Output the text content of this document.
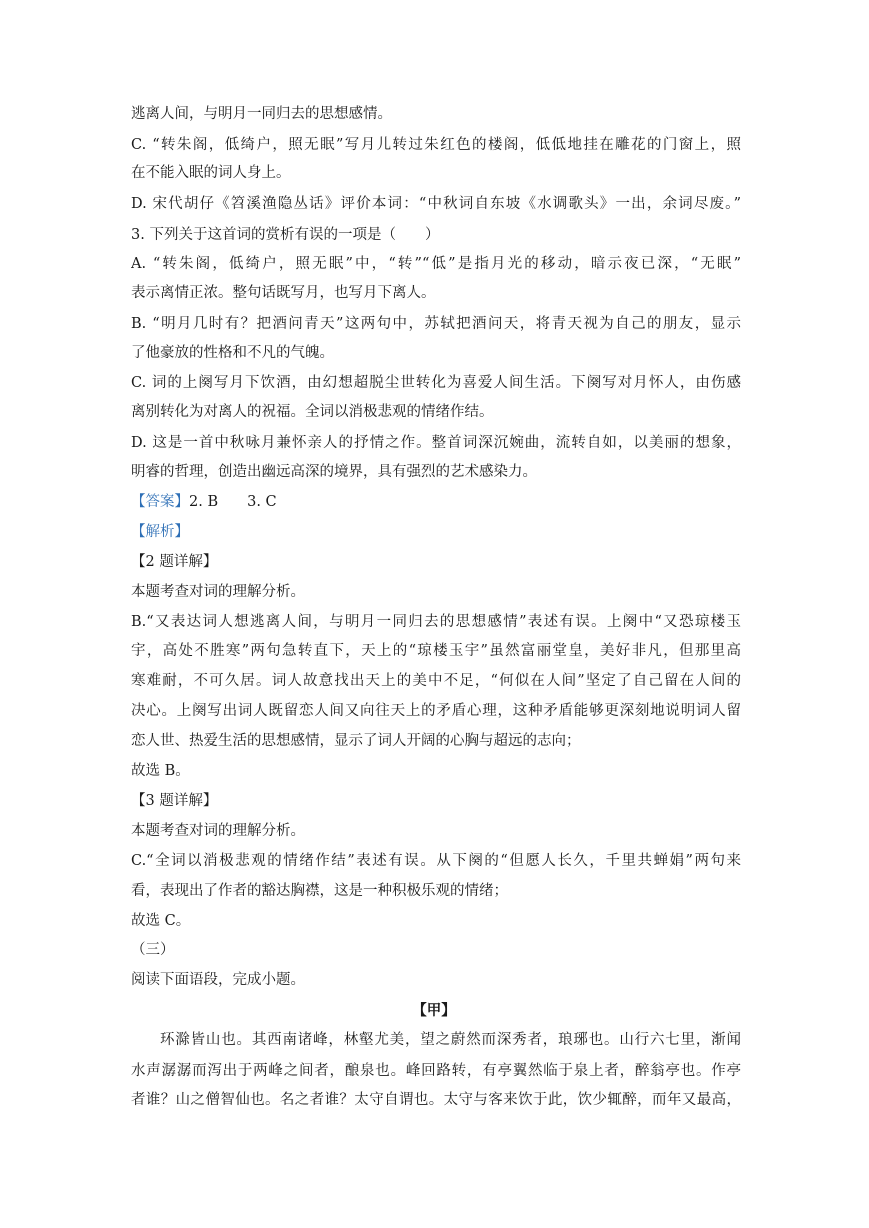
逃离人间，与明月一同归去的思想感情。
C. “转朱阁，低绮户，照无眠”写月儿转过朱红色的楼阁，低低地挂在雕花的门窗上，照
在不能入眠的词人身上。
D. 宋代胡仔《笤溪渔隐丛话》评价本词：“中秋词自东坡《水调歌头》一出，余词尽废。”
3. 下列关于这首词的赏析有误的一项是（　　）
A. “转朱阁，低绮户，照无眠”中，“转”“低”是指月光的移动，暗示夜已深，“无眠”
表示离情正浓。整句话既写月，也写月下离人。
B. “明月几时有？把酒问青天”这两句中，苏轼把酒问天，将青天视为自己的朋友，显示
了他豪放的性格和不凡的气魄。
C. 词的上阕写月下饮酒，由幻想超脱尘世转化为喜爱人间生活。下阕写对月怀人，由伤感
离别转化为对离人的祝福。全词以消极悲观的情绪作结。
D. 这是一首中秋咏月兼怀亲人的抒情之作。整首词深沉婉曲，流转自如，以美丽的想象，
明睿的哲理，创造出幽远高深的境界，具有强烈的艺术感染力。
【答案】2. B　　3. C
【解析】
【2 题详解】
本题考查对词的理解分析。
B.“又表达词人想逃离人间，与明月一同归去的思想感情”表述有误。上阕中“又恐琼楼玉
宇，高处不胜寒”两句急转直下，天上的“琼楼玉宇”虽然富丽堂皇，美好非凡，但那里高
寒难耐，不可久居。词人故意找出天上的美中不足，“何似在人间”坚定了自己留在人间的
决心。上阕写出词人既留恋人间又向往天上的矛盾心理，这种矛盾能够更深刻地说明词人留
恋人世、热爱生活的思想感情，显示了词人开阔的心胸与超远的志向；
故选 B。
【3 题详解】
本题考查对词的理解分析。
C.“全词以消极悲观的情绪作结”表述有误。从下阕的“但愿人长久，千里共蝉娟”两句来
看，表现出了作者的豁达胸襟，这是一种积极乐观的情绪；
故选 C。
（三）
阅读下面语段，完成小题。
【甲】
环滁皆山也。其西南诸峰，林壑尤美，望之蔚然而深秀者，琅琊也。山行六七里，渐闻
水声潺潺而泻出于两峰之间者，酿泉也。峰回路转，有亭翼然临于泉上者，醉翁亭也。作亭
者谁？山之僧智仙也。名之者谁？太守自谓也。太守与客来饮于此，饮少辄醉，而年又最高，
